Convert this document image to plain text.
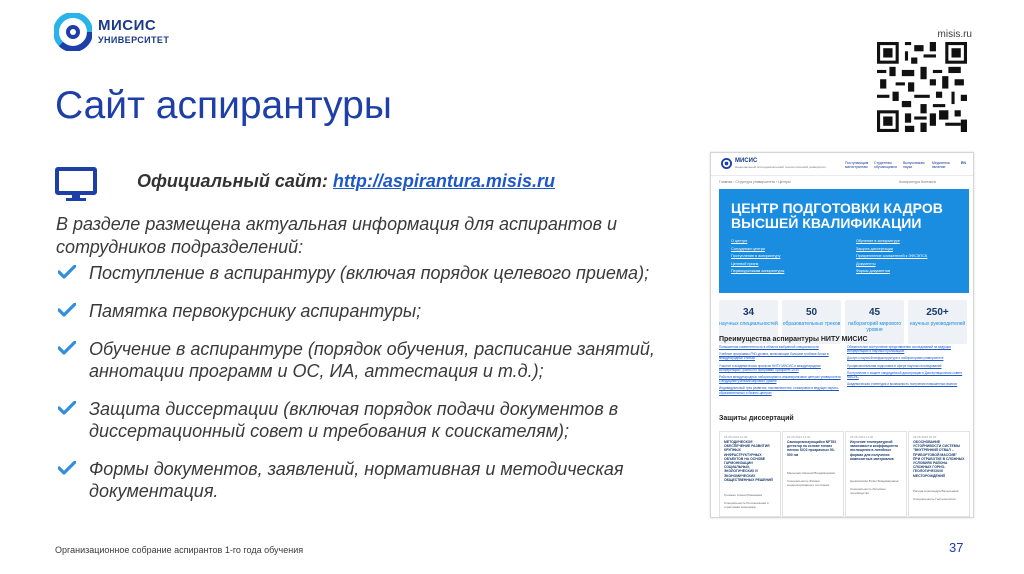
МИСИС
УНИВЕРСИТЕТ	misis.ru
Сайт аспирантуры
Официальный сайт: http://aspirantura.misis.ru
В разделе размещена актуальная информация для аспирантов и сотрудников подразделений:
Поступление в аспирантуру (включая порядок целевого приема);
Памятка первокурснику аспирантуры;
Обучение в аспирантуре (порядок обучения, расписание занятий, аннотации программ и ОС, ИА, аттестация и т.д.);
Защита диссертации (включая порядок подачи документов в диссертационный совет и требования к соискателям);
Формы документов, заявлений, нормативная и методическая документация.
МИСИС
Национальный исследовательский технологический университет
Поступающим магистрантам
Студентам обучающимся
Выпускникам науки
Медиатека явление
EN
Главная › Структура университета › Центры	Аспирантура Контакты
ЦЕНТР ПОДГОТОВКИ КАДРОВ ВЫСШЕЙ КВАЛИФИКАЦИИ
О центре
Сотрудники центра
Поступление в аспирантуру
Целевой прием
Первокурсникам аспирантуры
Обучение в аспирантуре
Защита диссертации
Прикрепление соискателей к ЭФСЭПСБ
Документы
Формы документов
34
научных специальностей
50
образовательных треков
45
лабораторий мирового уровня
250+
научных руководителей
Преимущества аспирантуры НИТУ МИСИС
Повышенная компетентность в области выбранной специальности
Учебные программы PhD-уровня, включающие большие тройные блоки в международных статьях
Участие в академических проектах НИТУ МИСИС и международных конференциях, гранты по программе Приоритет-2030
Работа в международных лабораториях и инжиниринговых центрах университета с ведущими учеными мирового уровня
Индивидуальный трек развития, наставничество, стажировки в ведущих научно-образовательных и бизнес-центрах
Обязательное поступление представление исследований на ведущих конференциях и научных публикациях
Доступ к научной инфраструктуре и лабораториям университета
Профессиональная подготовка в сфере научных исследований
Поступление к защите кандидатской диссертации в Диссертационном совете МИСИС
Академическая стипендия и возможность получения повышенных выплат
Защиты диссертаций
18.05.2023 12:00
МЕТОДИЧЕСКОЕ ОБЕСПЕЧЕНИЕ РАЗВИТИЯ КРУПНЫХ ИНФРАСТРУКТУРНЫХ ОБЪЕКТОВ НА ОСНОВЕ ГАРМОНИЗАЦИИ СОЦИАЛЬНЫХ, ЭКОЛОГИЧЕСКИХ И ЭКОНОМИЧЕСКИХ ОБЩЕСТВЕННЫХ РЕШЕНИЙ
Громыко Алина Романовна
Специальность Региональная и отраслевая экономика
22.05.2023 14:00
Самоорганизующийся NFT83 детектор на основе тонких пленок SiO2 прозрачных 50-500 нм
Малышев Николай Владимирович
Специальность Физика конденсированного состояния
25.05.2023 11:00
Изучение температурной зависимости коэффициента поглощения в литейных формах для получения композитных материалов
Целиковская Юлия Владимировна
Специальность Литейное производство
29.05.2023 15:00
ОБОСНОВАНИЕ УСТОЙЧИВОСТИ СИСТЕМЫ "ВНУТРЕННИЙ ОТВАЛ – ПРИБОРТОВОЙ МАССИВ" ПРИ ОТРАБОТКЕ В СЛОЖНЫХ УСЛОВИЯХ РАЙОНА СЛОЖНЫХ ГОРНО-ГЕОЛОГИЧЕСКИХ МЕСТОРОЖДЕНИЙ
Репина Александра Валерьевна
Специальность Геотехнология
Организационное собрание аспирантов 1-го года обучения	37
